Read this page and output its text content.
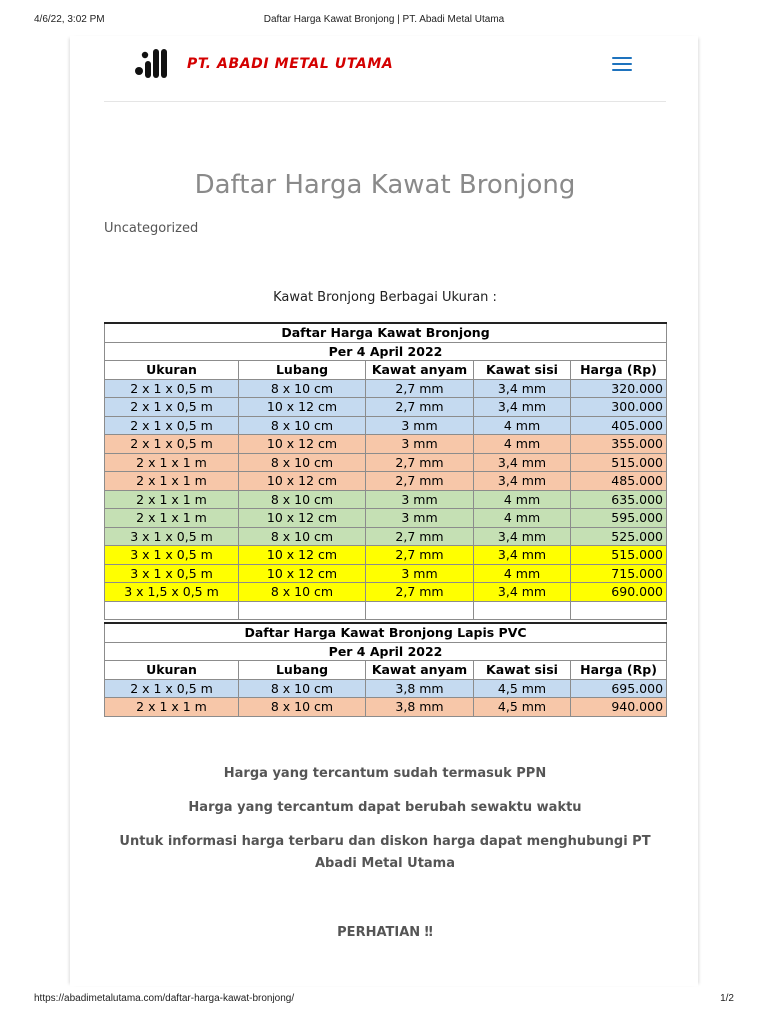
4/6/22, 3:02 PM	Daftar Harga Kawat Bronjong | PT. Abadi Metal Utama
PT. ABADI METAL UTAMA
Daftar Harga Kawat Bronjong
Uncategorized
Kawat Bronjong Berbagai Ukuran :
Daftar Harga Kawat Bronjong				
Per 4 April 2022				
Ukuran	Lubang	Kawat anyam	Kawat sisi	Harga (Rp)
2 x 1 x 0,5 m	8 x 10 cm	2,7 mm	3,4 mm	320.000
2 x 1 x 0,5 m	10 x 12 cm	2,7 mm	3,4 mm	300.000
2 x 1 x 0,5 m	8 x 10 cm	3 mm	4 mm	405.000
2 x 1 x 0,5 m	10 x 12 cm	3 mm	4 mm	355.000
2 x 1 x 1 m	8 x 10 cm	2,7 mm	3,4 mm	515.000
2 x 1 x 1 m	10 x 12 cm	2,7 mm	3,4 mm	485.000
2 x 1 x 1 m	8 x 10 cm	3 mm	4 mm	635.000
2 x 1 x 1 m	10 x 12 cm	3 mm	4 mm	595.000
3 x 1 x 0,5 m	8 x 10 cm	2,7 mm	3,4 mm	525.000
3 x 1 x 0,5 m	10 x 12 cm	2,7 mm	3,4 mm	515.000
3 x 1 x 0,5 m	10 x 12 cm	3 mm	4 mm	715.000
3 x 1,5 x 0,5 m	8 x 10 cm	2,7 mm	3,4 mm	690.000

Daftar Harga Kawat Bronjong Lapis PVC				
Per 4 April 2022				
Ukuran	Lubang	Kawat anyam	Kawat sisi	Harga (Rp)
2 x 1 x 0,5 m	8 x 10 cm	3,8 mm	4,5 mm	695.000
2 x 1 x 1 m	8 x 10 cm	3,8 mm	4,5 mm	940.000
Harga yang tercantum sudah termasuk PPN
Harga yang tercantum dapat berubah sewaktu waktu
Untuk informasi harga terbaru dan diskon harga dapat menghubungi PT Abadi Metal Utama
PERHATIAN ‼
https://abadimetalutama.com/daftar-harga-kawat-bronjong/	1/2
